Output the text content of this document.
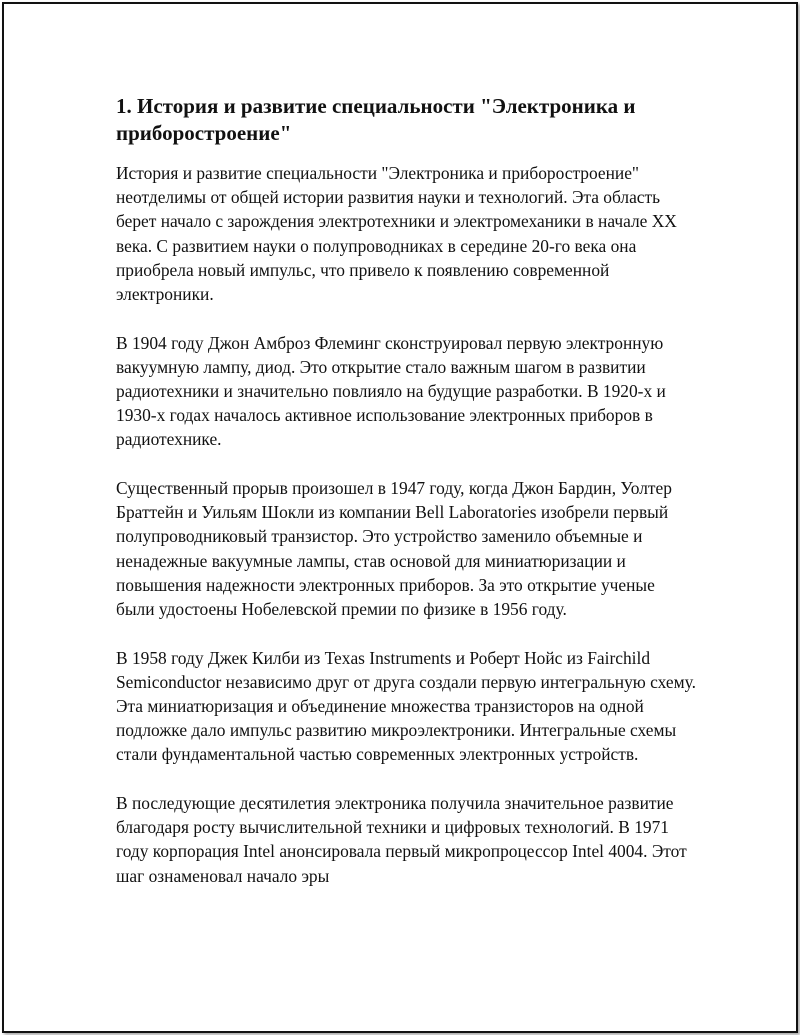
1. История и развитие специальности "Электроника и приборостроение"

История и развитие специальности "Электроника и приборостроение" неотделимы от общей истории развития науки и технологий. Эта область берет начало с зарождения электротехники и электромеханики в начале XX века. С развитием науки о полупроводниках в середине 20-го века она приобрела новый импульс, что привело к появлению современной электроники.

В 1904 году Джон Амброз Флеминг сконструировал первую электронную вакуумную лампу, диод. Это открытие стало важным шагом в развитии радиотехники и значительно повлияло на будущие разработки. В 1920-х и 1930-х годах началось активное использование электронных приборов в радиотехнике.

Существенный прорыв произошел в 1947 году, когда Джон Бардин, Уолтер Браттейн и Уильям Шокли из компании Bell Laboratories изобрели первый полупроводниковый транзистор. Это устройство заменило объемные и ненадежные вакуумные лампы, став основой для миниатюризации и повышения надежности электронных приборов. За это открытие ученые были удостоены Нобелевской премии по физике в 1956 году.

В 1958 году Джек Килби из Texas Instruments и Роберт Нойс из Fairchild Semiconductor независимо друг от друга создали первую интегральную схему. Эта миниатюризация и объединение множества транзисторов на одной подложке дало импульс развитию микроэлектроники. Интегральные схемы стали фундаментальной частью современных электронных устройств.

В последующие десятилетия электроника получила значительное развитие благодаря росту вычислительной техники и цифровых технологий. В 1971 году корпорация Intel анонсировала первый микропроцессор Intel 4004. Этот шаг ознаменовал начало эры
